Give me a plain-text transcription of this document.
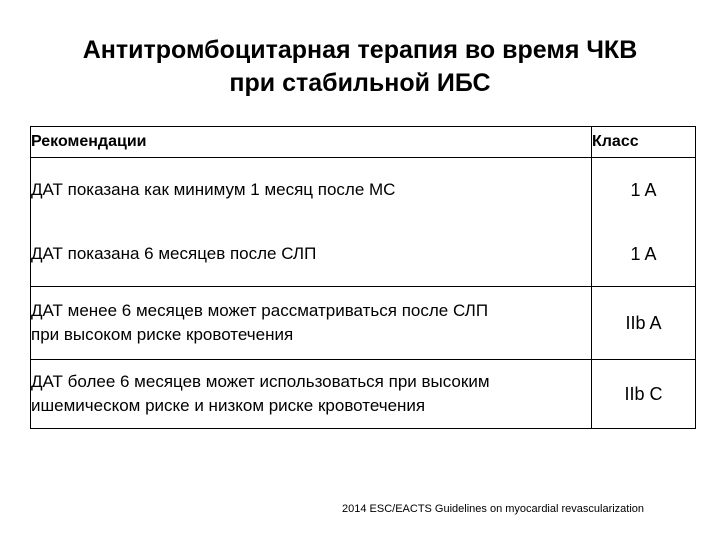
Антитромбоцитарная терапия во время ЧКВ
при стабильной ИБС
Рекомендации	Класс
ДАТ показана как минимум 1 месяц после МС	1 A
ДАТ показана 6 месяцев после СЛП	1 A
ДАТ менее 6 месяцев может рассматриваться после СЛП
при высоком риске кровотечения	IIb A
ДАТ более 6 месяцев может использоваться при высоким
ишемическом риске и низком риске кровотечения	IIb C
2014 ESC/EACTS Guidelines on myocardial revascularization
